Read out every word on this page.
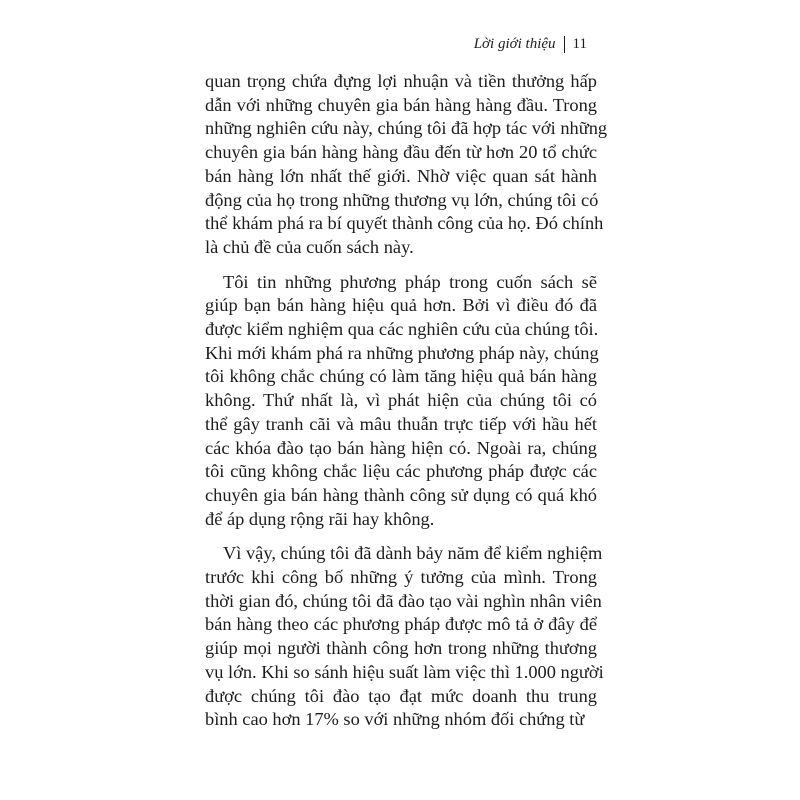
Lời giới thiệu 11
quan trọng chứa đựng lợi nhuận và tiền thưởng hấp
dẫn với những chuyên gia bán hàng hàng đầu. Trong
những nghiên cứu này, chúng tôi đã hợp tác với những
chuyên gia bán hàng hàng đầu đến từ hơn 20 tổ chức
bán hàng lớn nhất thế giới. Nhờ việc quan sát hành
động của họ trong những thương vụ lớn, chúng tôi có
thể khám phá ra bí quyết thành công của họ. Đó chính
là chủ đề của cuốn sách này.
Tôi tin những phương pháp trong cuốn sách sẽ
giúp bạn bán hàng hiệu quả hơn. Bởi vì điều đó đã
được kiểm nghiệm qua các nghiên cứu của chúng tôi.
Khi mới khám phá ra những phương pháp này, chúng
tôi không chắc chúng có làm tăng hiệu quả bán hàng
không. Thứ nhất là, vì phát hiện của chúng tôi có
thể gây tranh cãi và mâu thuẫn trực tiếp với hầu hết
các khóa đào tạo bán hàng hiện có. Ngoài ra, chúng
tôi cũng không chắc liệu các phương pháp được các
chuyên gia bán hàng thành công sử dụng có quá khó
để áp dụng rộng rãi hay không.
Vì vậy, chúng tôi đã dành bảy năm để kiểm nghiệm
trước khi công bố những ý tưởng của mình. Trong
thời gian đó, chúng tôi đã đào tạo vài nghìn nhân viên
bán hàng theo các phương pháp được mô tả ở đây để
giúp mọi người thành công hơn trong những thương
vụ lớn. Khi so sánh hiệu suất làm việc thì 1.000 người
được chúng tôi đào tạo đạt mức doanh thu trung
bình cao hơn 17% so với những nhóm đối chứng từ
